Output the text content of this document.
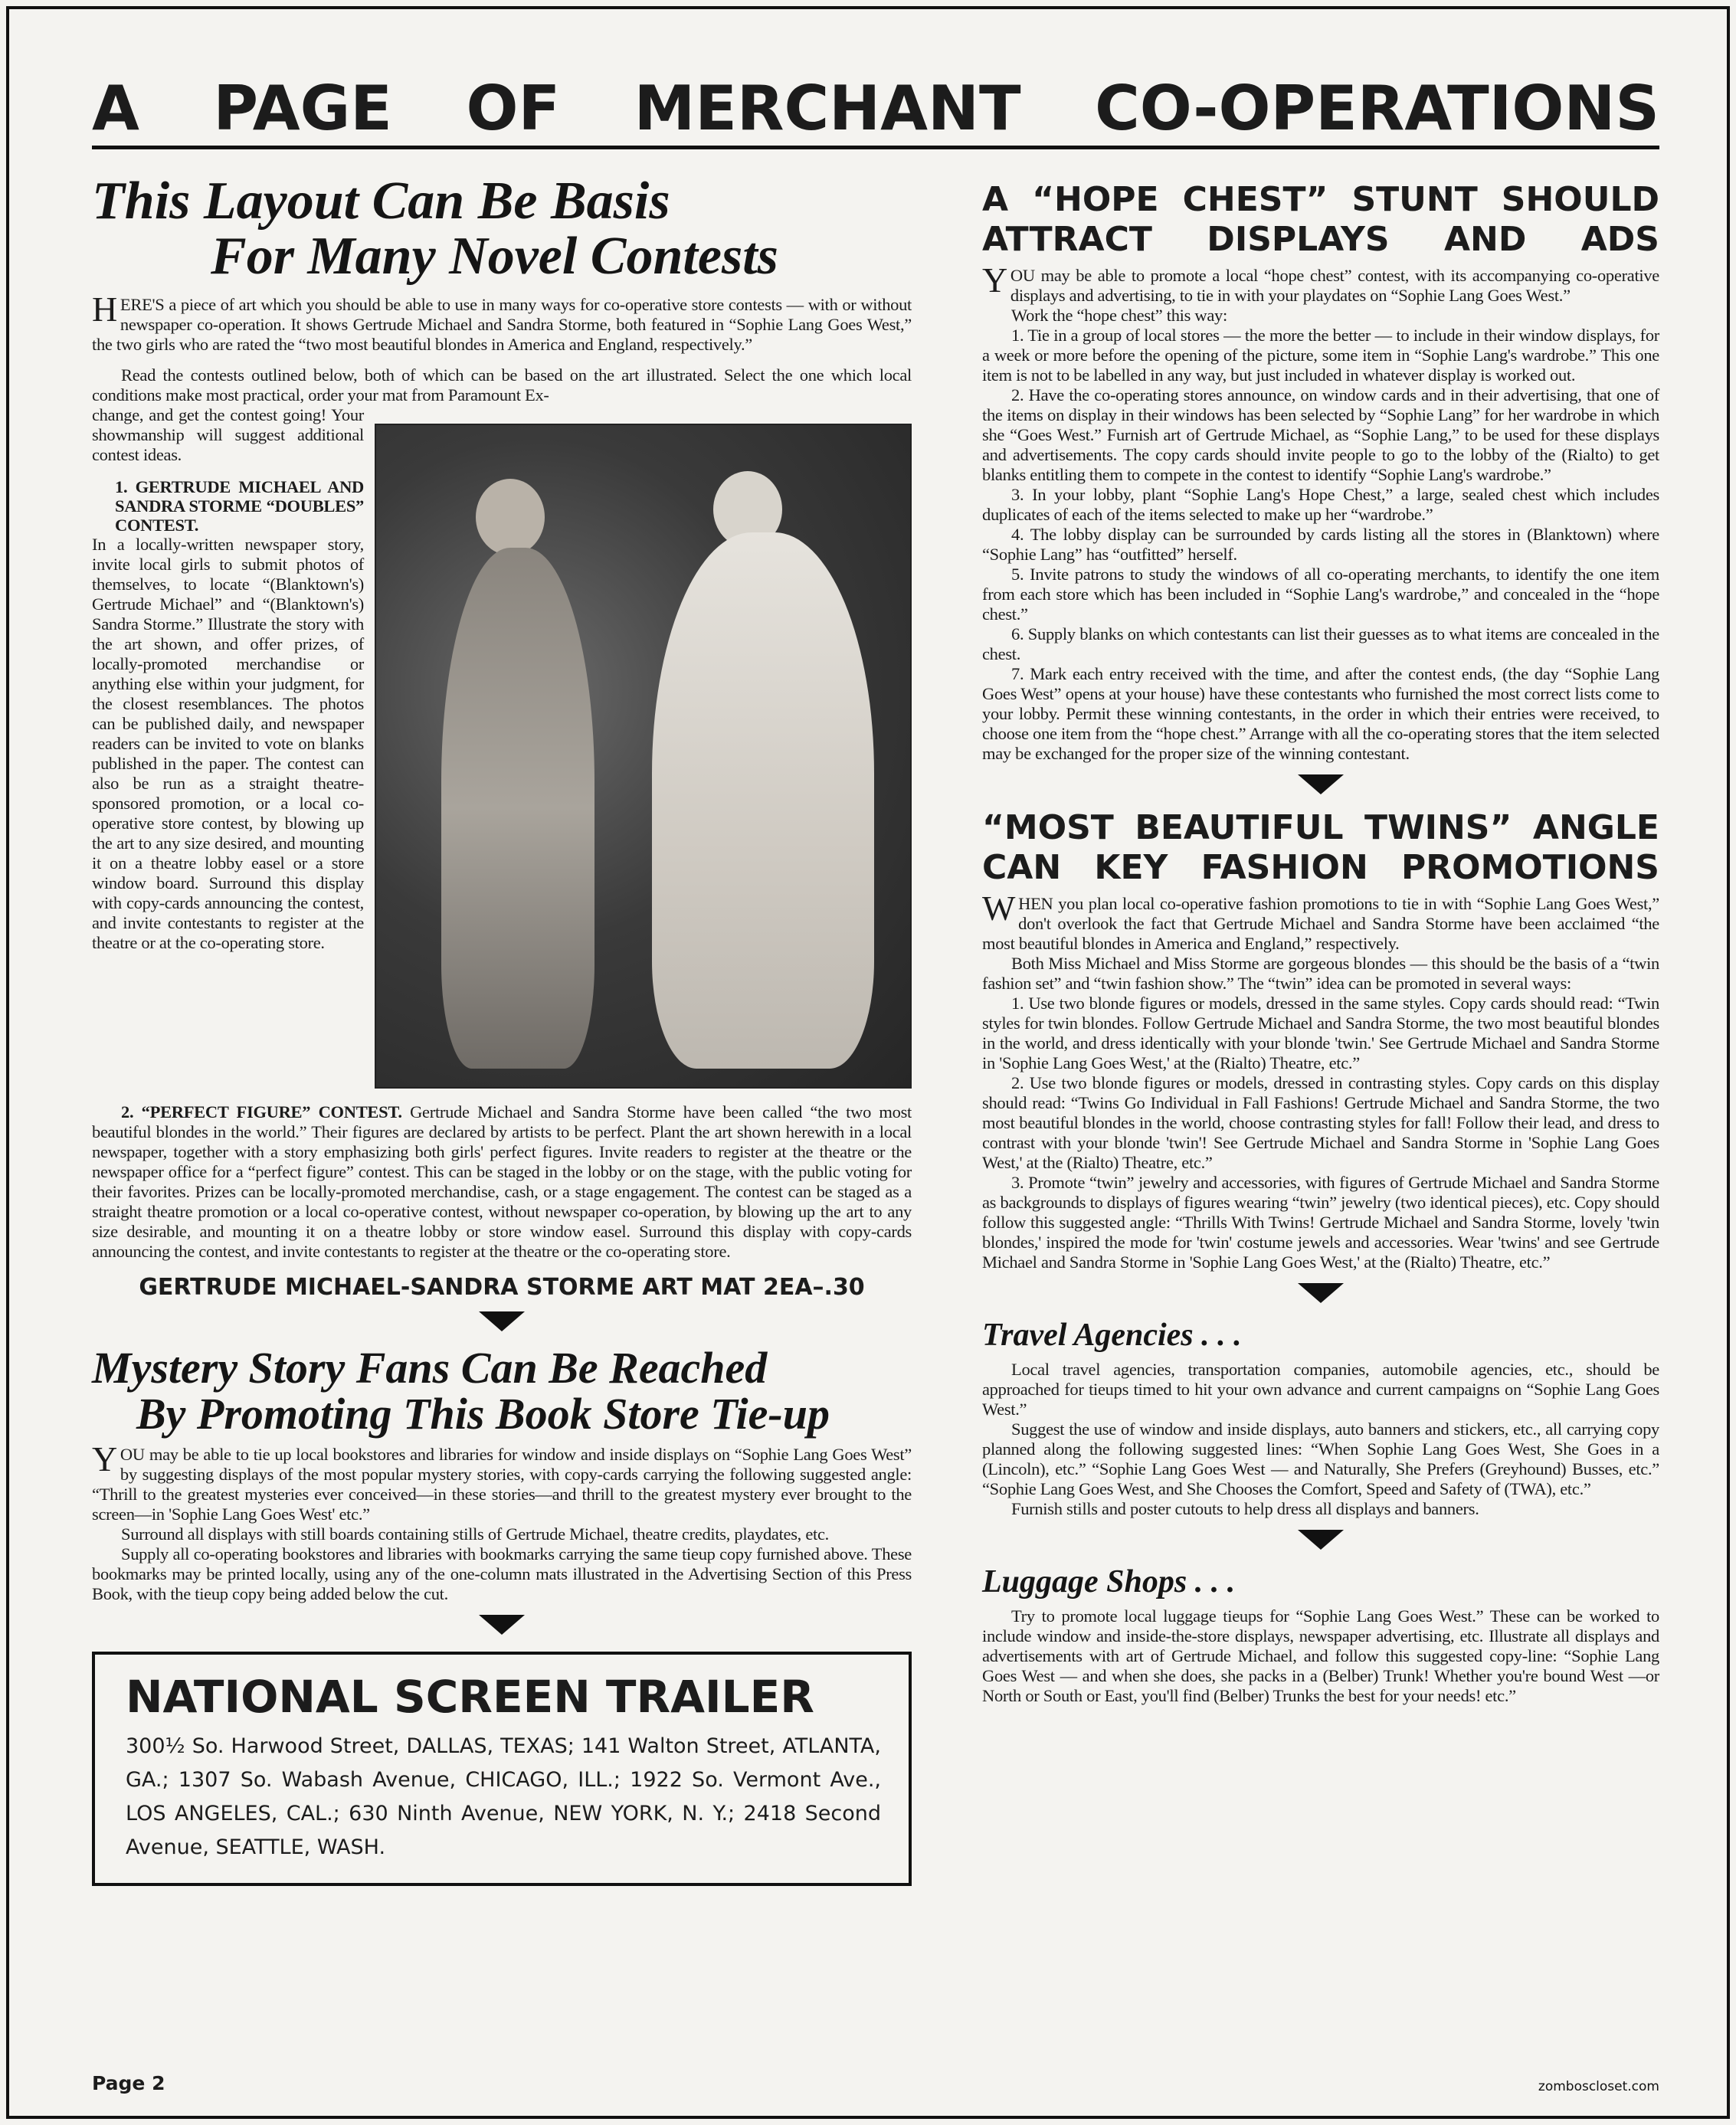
A PAGE OF MERCHANT CO-OPERATIONS
This Layout Can Be Basis
For Many Novel Contests

HERE'S a piece of art which you should be able to use in many ways for co-operative store contests — with or without newspaper co-operation. It shows Gertrude Michael and Sandra Storme, both featured in “Sophie Lang Goes West,” the two girls who are rated the “two most beautiful blondes in America and England, respectively.”

Read the contests outlined below, both of which can be based on the art illustrated. Select the one which local conditions make most practical, order your mat from Paramount Ex-

change, and get the contest going! Your showmanship will suggest additional contest ideas.

1. GERTRUDE MICHAEL AND SANDRA STORME “DOUBLES” CONTEST.

In a locally-written newspaper story, invite local girls to submit photos of themselves, to locate “(Blanktown's) Gertrude Michael” and “(Blanktown's) Sandra Storme.” Illustrate the story with the art shown, and offer prizes, of locally-promoted merchandise or anything else within your judgment, for the closest resemblances. The photos can be published daily, and newspaper readers can be invited to vote on blanks published in the paper. The contest can also be run as a straight theatre-sponsored promotion, or a local co-operative store contest, by blowing up the art to any size desired, and mounting it on a theatre lobby easel or a store window board. Surround this display with copy-cards announcing the contest, and invite contestants to register at the theatre or at the co-operating store.

2. “PERFECT FIGURE” CONTEST. Gertrude Michael and Sandra Storme have been called “the two most beautiful blondes in the world.” Their figures are declared by artists to be perfect. Plant the art shown herewith in a local newspaper, together with a story emphasizing both girls' perfect figures. Invite readers to register at the theatre or the newspaper office for a “perfect figure” contest. This can be staged in the lobby or on the stage, with the public voting for their favorites. Prizes can be locally-promoted merchandise, cash, or a stage engagement. The contest can be staged as a straight theatre promotion or a local co-operative contest, without newspaper co-operation, by blowing up the art to any size desirable, and mounting it on a theatre lobby or store window easel. Surround this display with copy-cards announcing the contest, and invite contestants to register at the theatre or the co-operating store.

GERTRUDE MICHAEL-SANDRA STORME ART MAT 2EA–.30
Mystery Story Fans Can Be Reached
By Promoting This Book Store Tie-up

YOU may be able to tie up local bookstores and libraries for window and inside displays on “Sophie Lang Goes West” by suggesting displays of the most popular mystery stories, with copy-cards carrying the following suggested angle: “Thrill to the greatest mysteries ever conceived—in these stories—and thrill to the greatest mystery ever brought to the screen—in 'Sophie Lang Goes West' etc.”

Surround all displays with still boards containing stills of Gertrude Michael, theatre credits, playdates, etc.

Supply all co-operating bookstores and libraries with bookmarks carrying the same tieup copy furnished above. These bookmarks may be printed locally, using any of the one-column mats illustrated in the Advertising Section of this Press Book, with the tieup copy being added below the cut.

NATIONAL SCREEN TRAILER
300½ So. Harwood Street, DALLAS, TEXAS; 141 Walton Street, ATLANTA, GA.; 1307 So. Wabash Avenue, CHICAGO, ILL.; 1922 So. Vermont Ave., LOS ANGELES, CAL.; 630 Ninth Avenue, NEW YORK, N. Y.; 2418 Second Avenue, SEATTLE, WASH.
A “HOPE CHEST” STUNT SHOULD
ATTRACT DISPLAYS AND ADS

YOU may be able to promote a local “hope chest” contest, with its accompanying co-operative displays and advertising, to tie in with your playdates on “Sophie Lang Goes West.”

Work the “hope chest” this way:

1. Tie in a group of local stores — the more the better — to include in their window displays, for a week or more before the opening of the picture, some item in “Sophie Lang's wardrobe.” This one item is not to be labelled in any way, but just included in whatever display is worked out.

2. Have the co-operating stores announce, on window cards and in their advertising, that one of the items on display in their windows has been selected by “Sophie Lang” for her wardrobe in which she “Goes West.” Furnish art of Gertrude Michael, as “Sophie Lang,” to be used for these displays and advertisements. The copy cards should invite people to go to the lobby of the (Rialto) to get blanks entitling them to compete in the contest to identify “Sophie Lang's wardrobe.”

3. In your lobby, plant “Sophie Lang's Hope Chest,” a large, sealed chest which includes duplicates of each of the items selected to make up her “wardrobe.”

4. The lobby display can be surrounded by cards listing all the stores in (Blanktown) where “Sophie Lang” has “outfitted” herself.

5. Invite patrons to study the windows of all co-operating merchants, to identify the one item from each store which has been included in “Sophie Lang's wardrobe,” and concealed in the “hope chest.”

6. Supply blanks on which contestants can list their guesses as to what items are concealed in the chest.

7. Mark each entry received with the time, and after the contest ends, (the day “Sophie Lang Goes West” opens at your house) have these contestants who furnished the most correct lists come to your lobby. Permit these winning contestants, in the order in which their entries were received, to choose one item from the “hope chest.” Arrange with all the co-operating stores that the item selected may be exchanged for the proper size of the winning contestant.

“MOST BEAUTIFUL TWINS” ANGLE
CAN KEY FASHION PROMOTIONS

WHEN you plan local co-operative fashion promotions to tie in with “Sophie Lang Goes West,” don't overlook the fact that Gertrude Michael and Sandra Storme have been acclaimed “the most beautiful blondes in America and England,” respectively.

Both Miss Michael and Miss Storme are gorgeous blondes — this should be the basis of a “twin fashion set” and “twin fashion show.” The “twin” idea can be promoted in several ways:

1. Use two blonde figures or models, dressed in the same styles. Copy cards should read: “Twin styles for twin blondes. Follow Gertrude Michael and Sandra Storme, the two most beautiful blondes in the world, and dress identically with your blonde 'twin.' See Gertrude Michael and Sandra Storme in 'Sophie Lang Goes West,' at the (Rialto) Theatre, etc.”

2. Use two blonde figures or models, dressed in contrasting styles. Copy cards on this display should read: “Twins Go Individual in Fall Fashions! Gertrude Michael and Sandra Storme, the two most beautiful blondes in the world, choose contrasting styles for fall! Follow their lead, and dress to contrast with your blonde 'twin'! See Gertrude Michael and Sandra Storme in 'Sophie Lang Goes West,' at the (Rialto) Theatre, etc.”

3. Promote “twin” jewelry and accessories, with figures of Gertrude Michael and Sandra Storme as backgrounds to displays of figures wearing “twin” jewelry (two identical pieces), etc. Copy should follow this suggested angle: “Thrills With Twins! Gertrude Michael and Sandra Storme, lovely 'twin blondes,' inspired the mode for 'twin' costume jewels and accessories. Wear 'twins' and see Gertrude Michael and Sandra Storme in 'Sophie Lang Goes West,' at the (Rialto) Theatre, etc.”

Travel Agencies . . .

Local travel agencies, transportation companies, automobile agencies, etc., should be approached for tieups timed to hit your own advance and current campaigns on “Sophie Lang Goes West.”

Suggest the use of window and inside displays, auto banners and stickers, etc., all carrying copy planned along the following suggested lines: “When Sophie Lang Goes West, She Goes in a (Lincoln), etc.” “Sophie Lang Goes West — and Naturally, She Prefers (Greyhound) Busses, etc.” “Sophie Lang Goes West, and She Chooses the Comfort, Speed and Safety of (TWA), etc.”

Furnish stills and poster cutouts to help dress all displays and banners.

Luggage Shops . . .

Try to promote local luggage tieups for “Sophie Lang Goes West.” These can be worked to include window and inside-the-store displays, newspaper advertising, etc. Illustrate all displays and advertisements with art of Gertrude Michael, and follow this suggested copy-line: “Sophie Lang Goes West — and when she does, she packs in a (Belber) Trunk! Whether you're bound West —or North or South or East, you'll find (Belber) Trunks the best for your needs! etc.”

Page 2	zomboscloset.com
